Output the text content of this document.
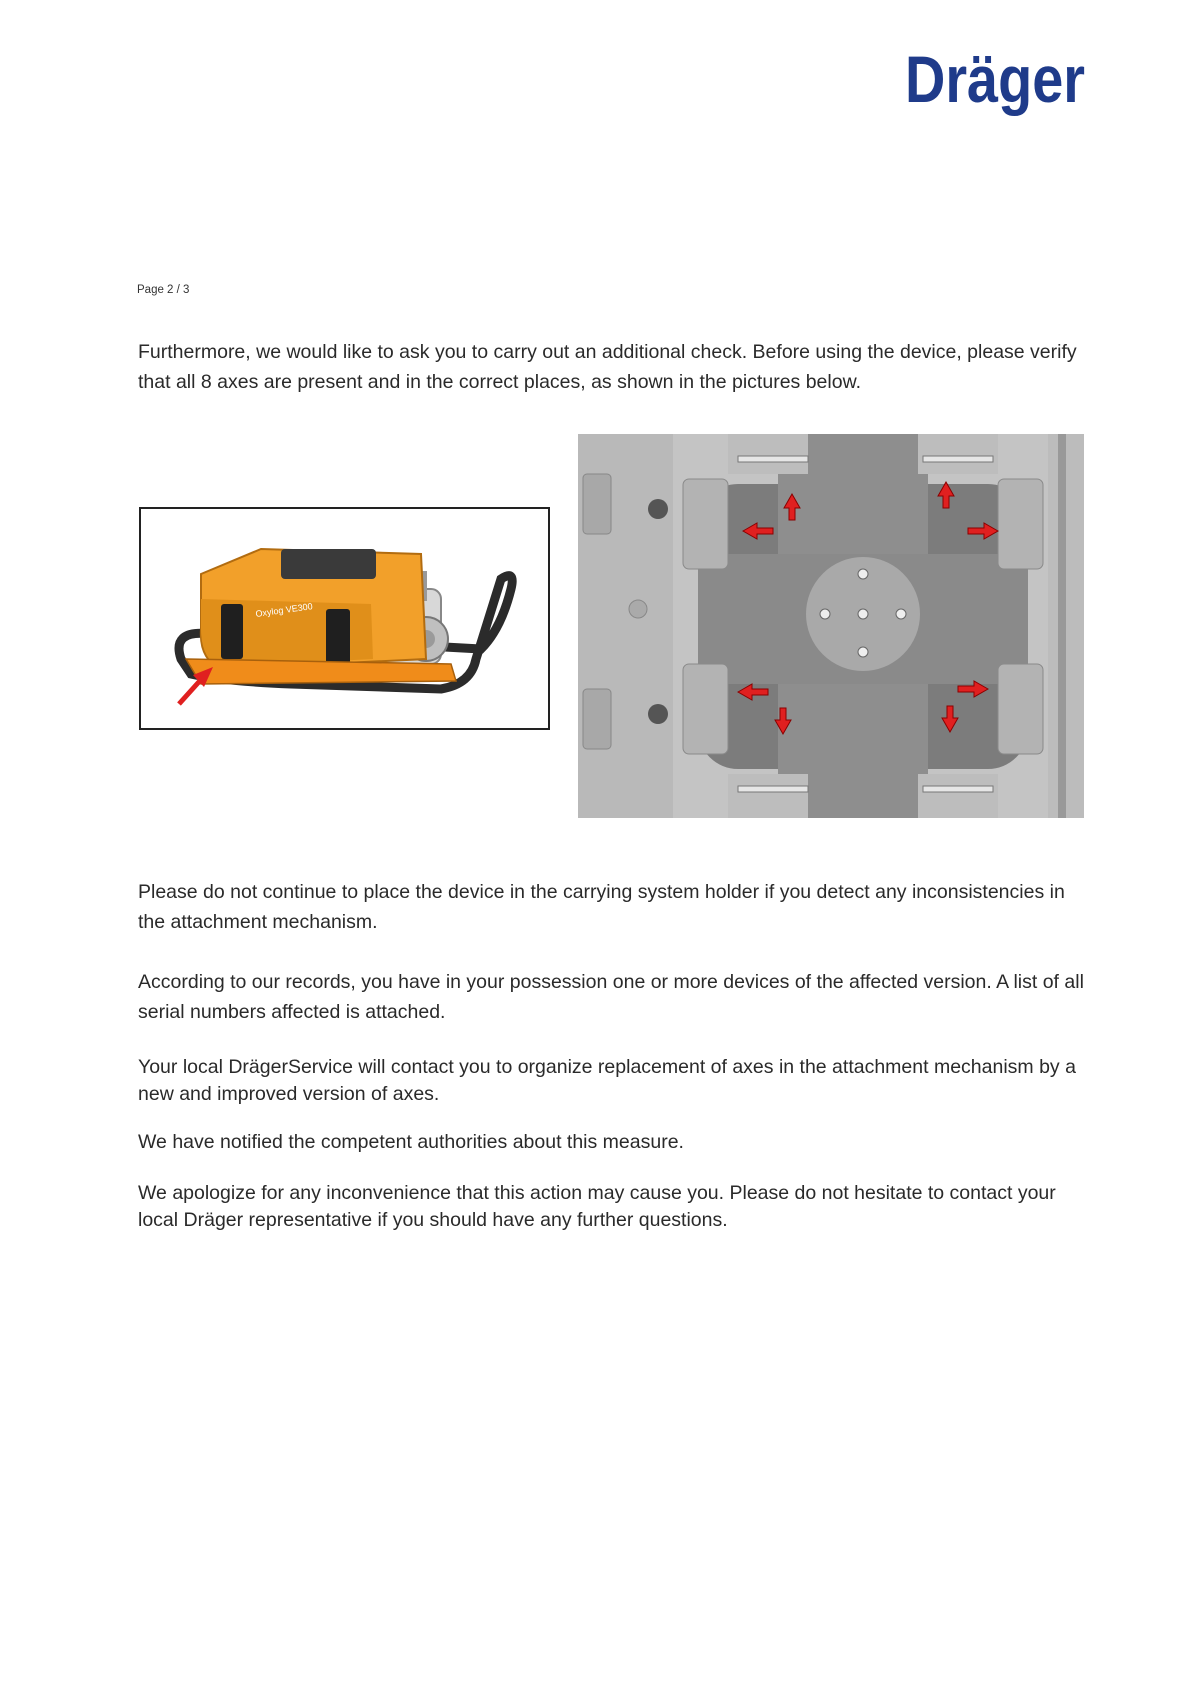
Dräger
Page 2 / 3
Furthermore, we would like to ask you to carry out an additional check. Before using the device, please verify that all 8 axes are present and in the correct places, as shown in the pictures below.
Oxylog VE300
Please do not continue to place the device in the carrying system holder if you detect any inconsistencies in the attachment mechanism.
According to our records, you have in your possession one or more devices of the affected version. A list of all serial numbers affected is attached.
Your local DrägerService will contact you to organize replacement of axes in the attachment mechanism by a new and improved version of axes.
We have notified the competent authorities about this measure.
We apologize for any inconvenience that this action may cause you. Please do not hesitate to contact your local Dräger representative if you should have any further questions.
